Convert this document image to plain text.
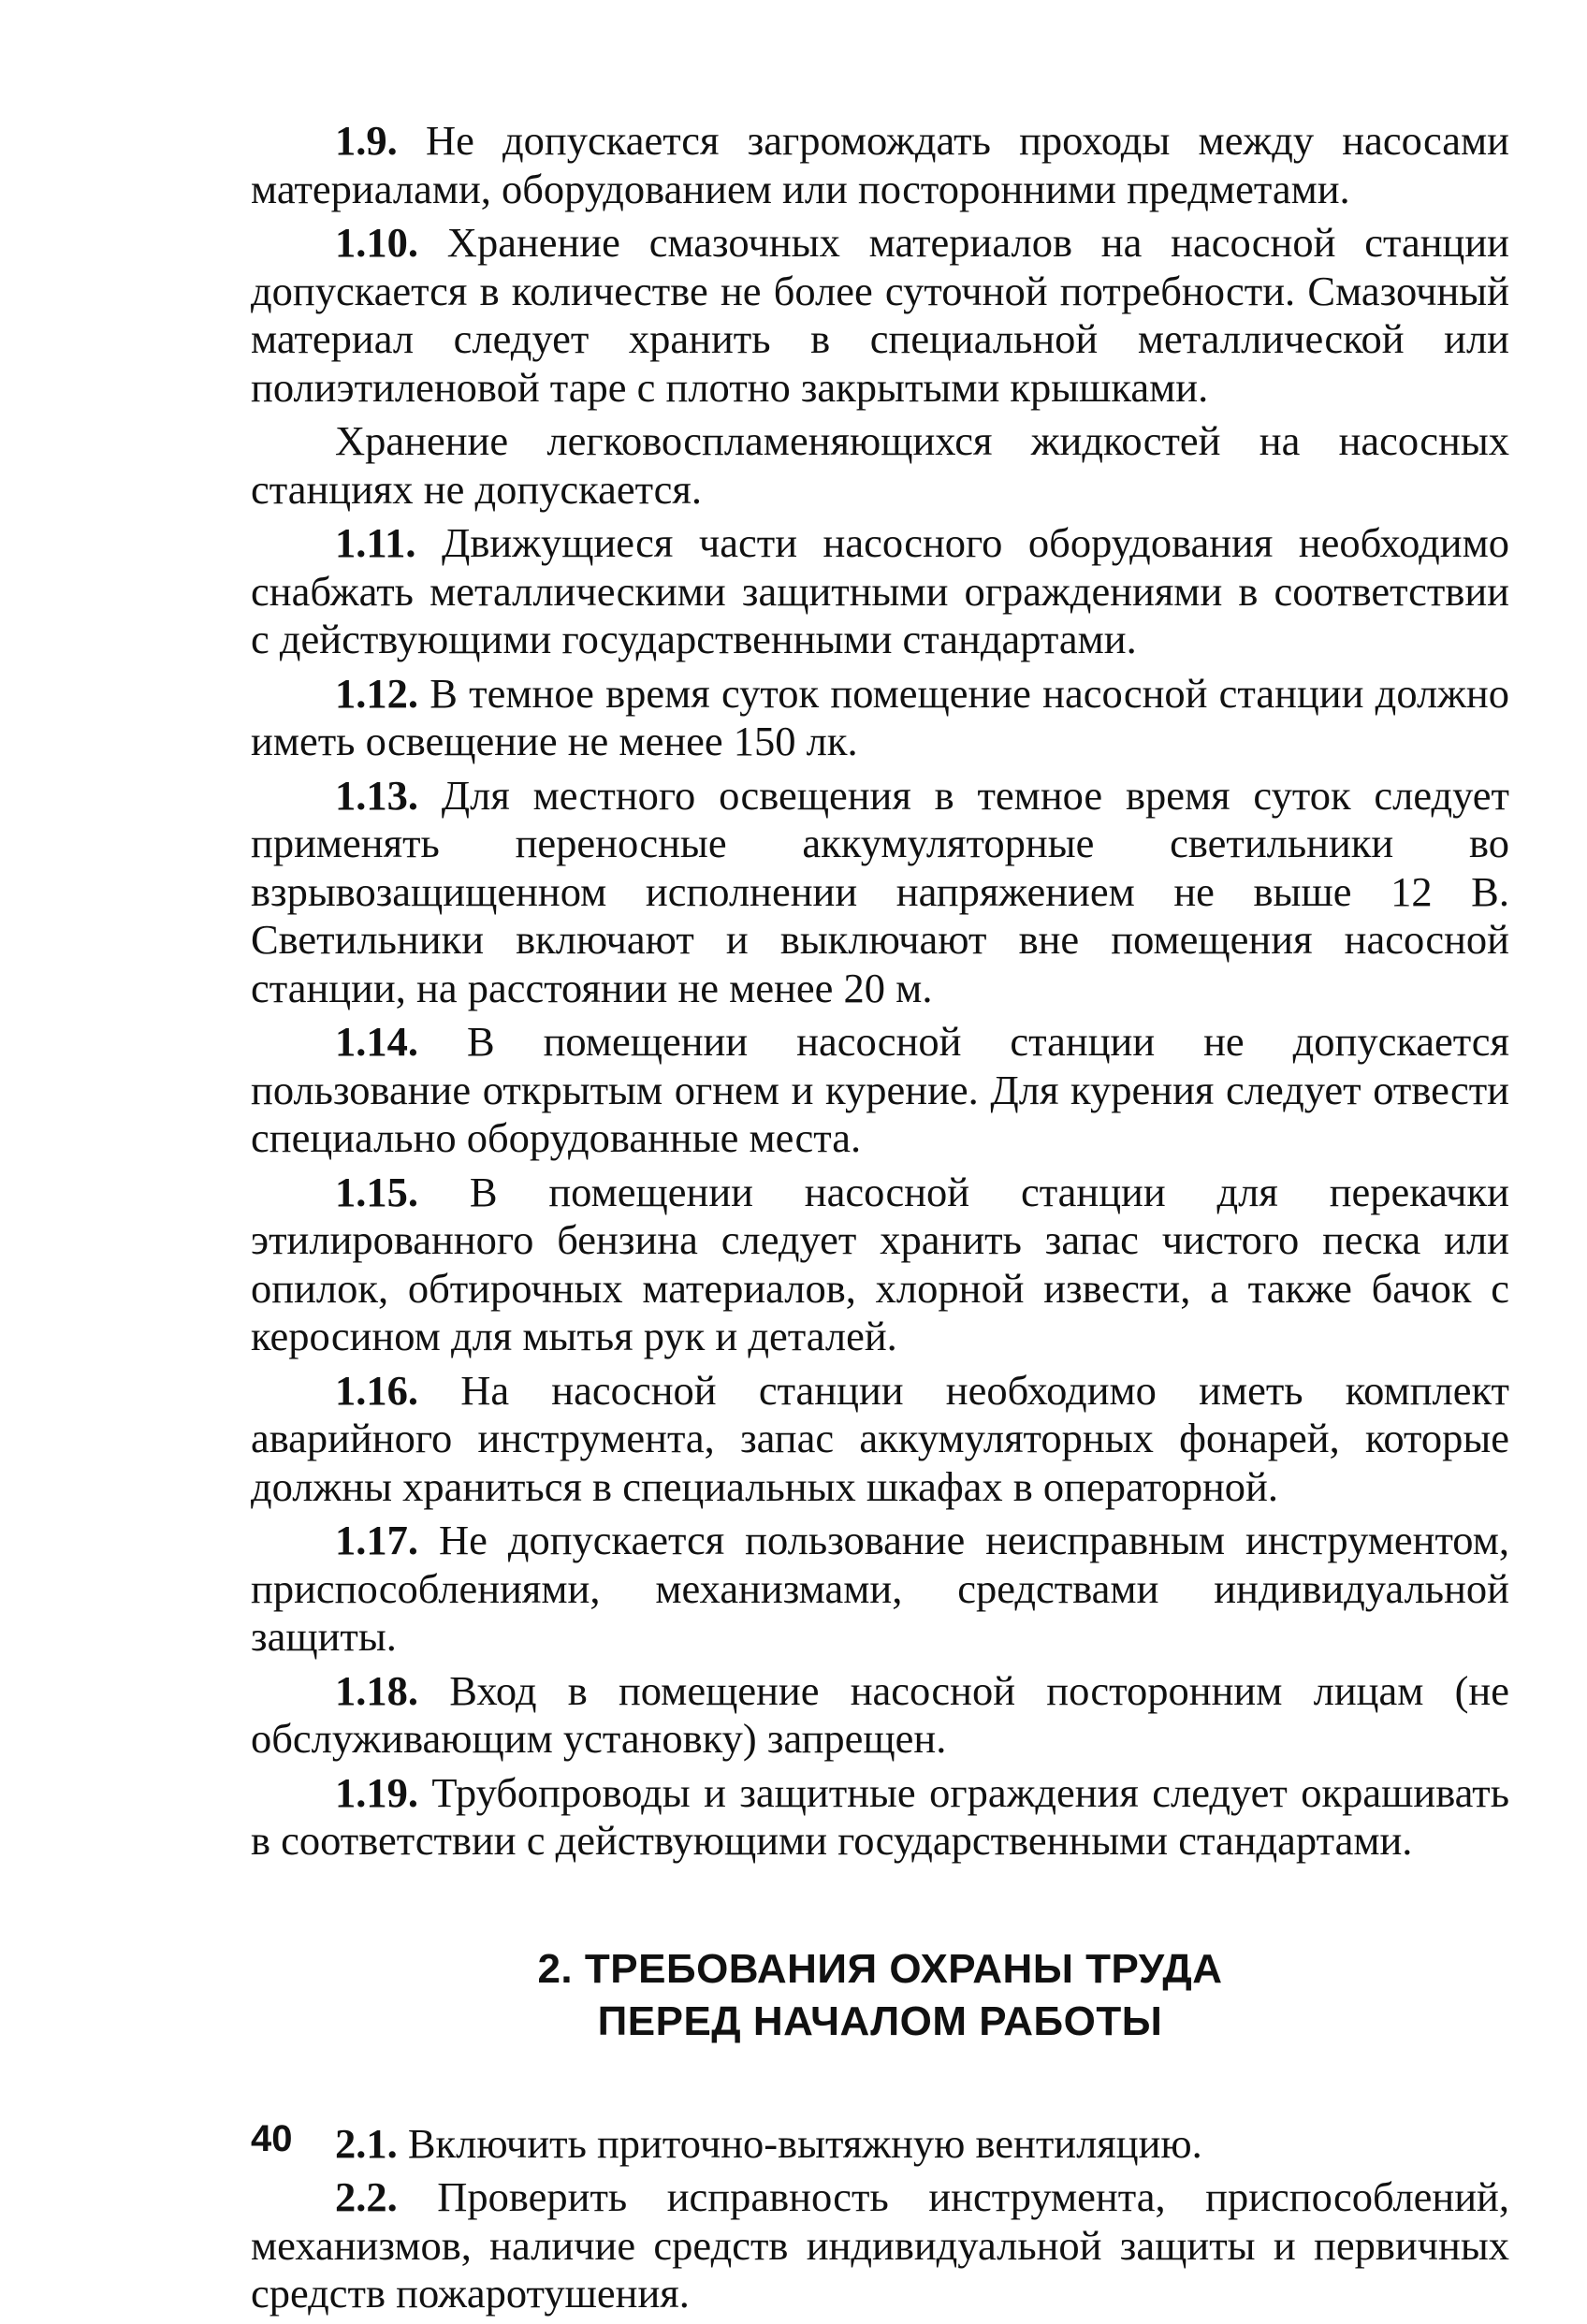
1.9. Не допускается загромождать проходы между насосами материалами, оборудованием или посторонними предметами.

1.10. Хранение смазочных материалов на насосной станции допускается в количестве не более суточной потребности. Смазочный материал следует хранить в специальной металлической или полиэтиленовой таре с плотно закрытыми крышками.

Хранение легковоспламеняющихся жидкостей на насосных станциях не допускается.

1.11. Движущиеся части насосного оборудования необходимо снабжать металлическими защитными ограждениями в соответствии с действующими государственными стандартами.

1.12. В темное время суток помещение насосной станции должно иметь освещение не менее 150 лк.

1.13. Для местного освещения в темное время суток следует применять переносные аккумуляторные светильники во взрывозащищенном исполнении напряжением не выше 12 В. Светильники включают и выключают вне помещения насосной станции, на расстоянии не менее 20 м.

1.14. В помещении насосной станции не допускается пользование открытым огнем и курение. Для курения следует отвести специально оборудованные места.

1.15. В помещении насосной станции для перекачки этилированного бензина следует хранить запас чистого песка или опилок, обтирочных материалов, хлорной извести, а также бачок с керосином для мытья рук и деталей.

1.16. На насосной станции необходимо иметь комплект аварийного инструмента, запас аккумуляторных фонарей, которые должны храниться в специальных шкафах в операторной.

1.17. Не допускается пользование неисправным инструментом, приспособлениями, механизмами, средствами индивидуальной защиты.

1.18. Вход в помещение насосной посторонним лицам (не обслуживающим установку) запрещен.

1.19. Трубопроводы и защитные ограждения следует окрашивать в соответствии с действующими государственными стандартами.

2. ТРЕБОВАНИЯ ОХРАНЫ ТРУДА
ПЕРЕД НАЧАЛОМ РАБОТЫ

2.1. Включить приточно-вытяжную вентиляцию.

2.2. Проверить исправность инструмента, приспособлений, механизмов, наличие средств индивидуальной защиты и первичных средств пожаротушения.

40
